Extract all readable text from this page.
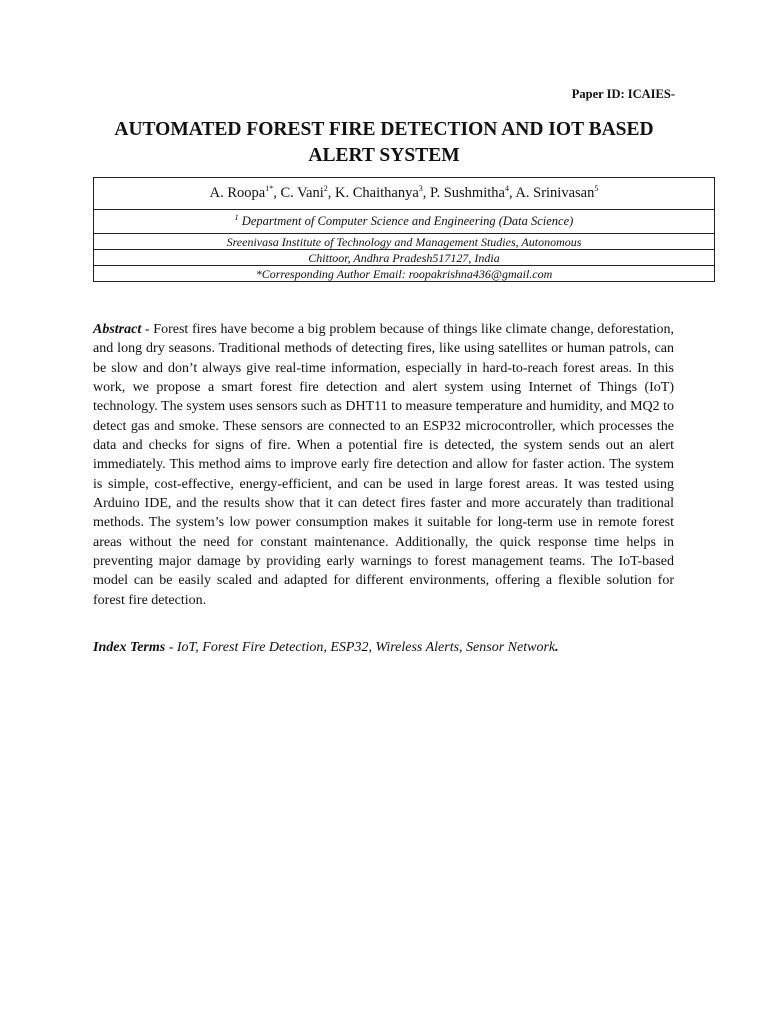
Paper ID: ICAIES-
AUTOMATED FOREST FIRE DETECTION AND IOT BASED ALERT SYSTEM
A. Roopa$^{1*}$, C. Vani$^2$, K. Chaithanya$^3$, P. Sushmitha$^4$, A. Srinivasan$^5$
$^1$ Department of Computer Science and Engineering (Data Science)
Sreenivasa Institute of Technology and Management Studies, Autonomous
Chittoor, Andhra Pradesh517127, India
*Corresponding Author Email: roopakrishna436@gmail.com

Abstract - Forest fires have become a big problem because of things like climate change, deforestation, and long dry seasons. Traditional methods of detecting fires, like using satellites or human patrols, can be slow and don’t always give real-time information, especially in hard-to-reach forest areas. In this work, we propose a smart forest fire detection and alert system using Internet of Things (IoT) technology. The system uses sensors such as DHT11 to measure temperature and humidity, and MQ2 to detect gas and smoke. These sensors are connected to an ESP32 microcontroller, which processes the data and checks for signs of fire. When a potential fire is detected, the system sends out an alert immediately. This method aims to improve early fire detection and allow for faster action. The system is simple, cost-effective, energy-efficient, and can be used in large forest areas. It was tested using Arduino IDE, and the results show that it can detect fires faster and more accurately than traditional methods. The system’s low power consumption makes it suitable for long-term use in remote forest areas without the need for constant maintenance. Additionally, the quick response time helps in preventing major damage by providing early warnings to forest management teams. The IoT-based model can be easily scaled and adapted for different environments, offering a flexible solution for forest fire detection.

Index Terms - IoT, Forest Fire Detection, ESP32, Wireless Alerts, Sensor Network.
